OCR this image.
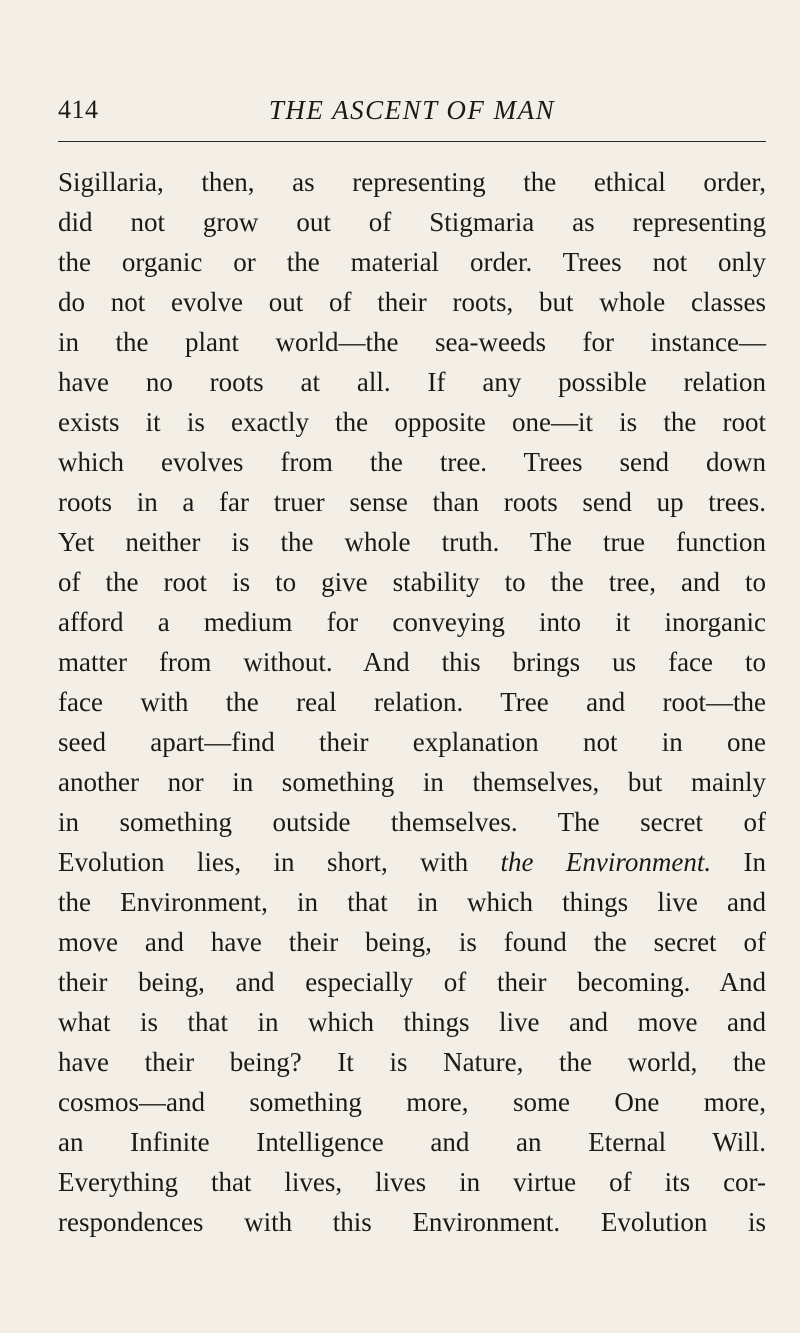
414	THE ASCENT OF MAN
Sigillaria, then, as representing the ethical order,
did not grow out of Stigmaria as representing
the organic or the material order. Trees not only
do not evolve out of their roots, but whole classes
in the plant world—the sea-weeds for instance—
have no roots at all. If any possible relation
exists it is exactly the opposite one—it is the root
which evolves from the tree. Trees send down
roots in a far truer sense than roots send up trees.
Yet neither is the whole truth. The true function
of the root is to give stability to the tree, and to
afford a medium for conveying into it inorganic
matter from without. And this brings us face to
face with the real relation. Tree and root—the
seed apart—find their explanation not in one
another nor in something in themselves, but mainly
in something outside themselves. The secret of
Evolution lies, in short, with the Environment. In
the Environment, in that in which things live and
move and have their being, is found the secret of
their being, and especially of their becoming. And
what is that in which things live and move and
have their being? It is Nature, the world, the
cosmos—and something more, some One more,
an Infinite Intelligence and an Eternal Will.
Everything that lives, lives in virtue of its cor-
respondences with this Environment. Evolution is
